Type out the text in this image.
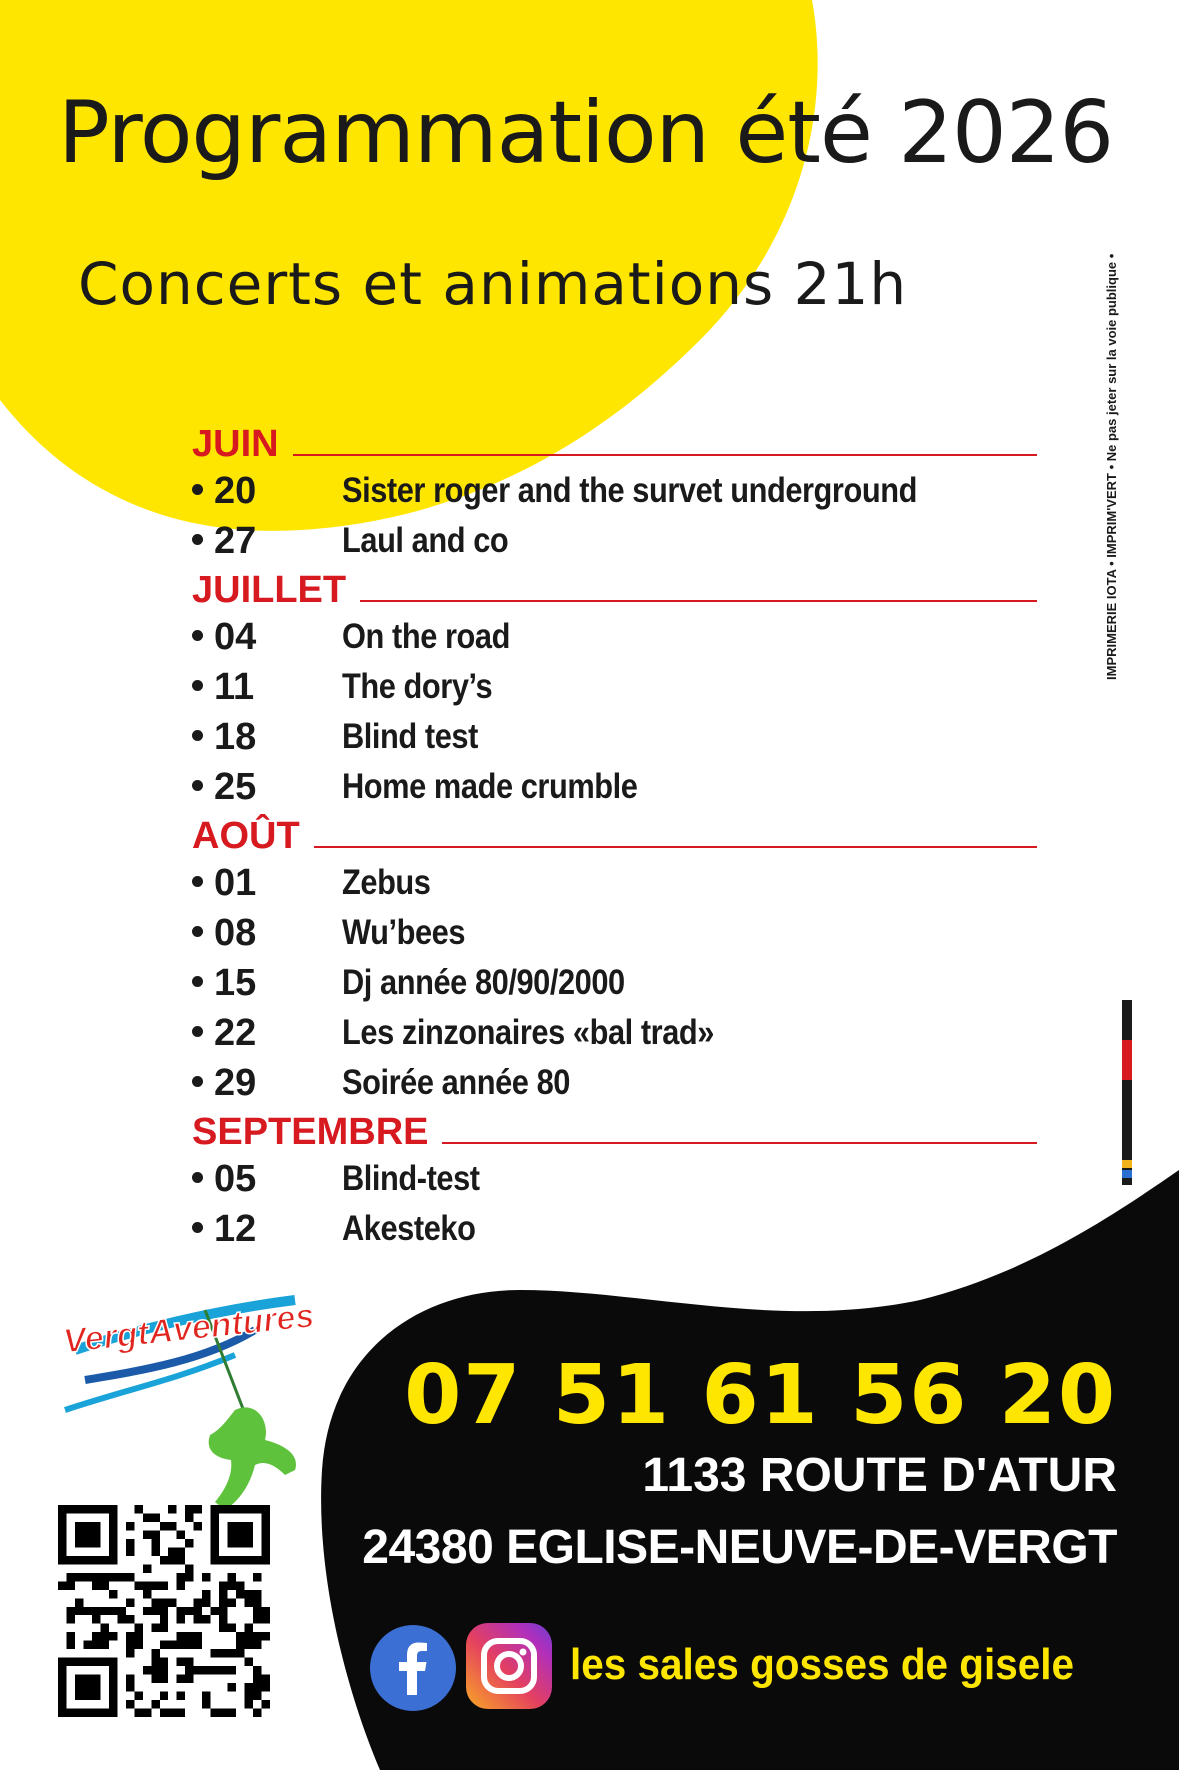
Programmation été 2026
Concerts et animations 21h
JUIN
20	Sister roger and the survet underground
27	Laul and co
JUILLET
04	On the road
11	The dory’s
18	Blind test
25	Home made crumble
AOÛT
01	Zebus
08	Wu’bees
15	Dj année 80/90/2000
22	Les zinzonaires «bal trad»
29	Soirée année 80
SEPTEMBRE
05	Blind-test
12	Akesteko
IMPRIMERIE IOTA • IMPRIM'VERT • Ne pas jeter sur la voie publique •
VergtAventures
07 51 61 56 20
1133 ROUTE D'ATUR
24380 EGLISE-NEUVE-DE-VERGT
les sales gosses de gisele
